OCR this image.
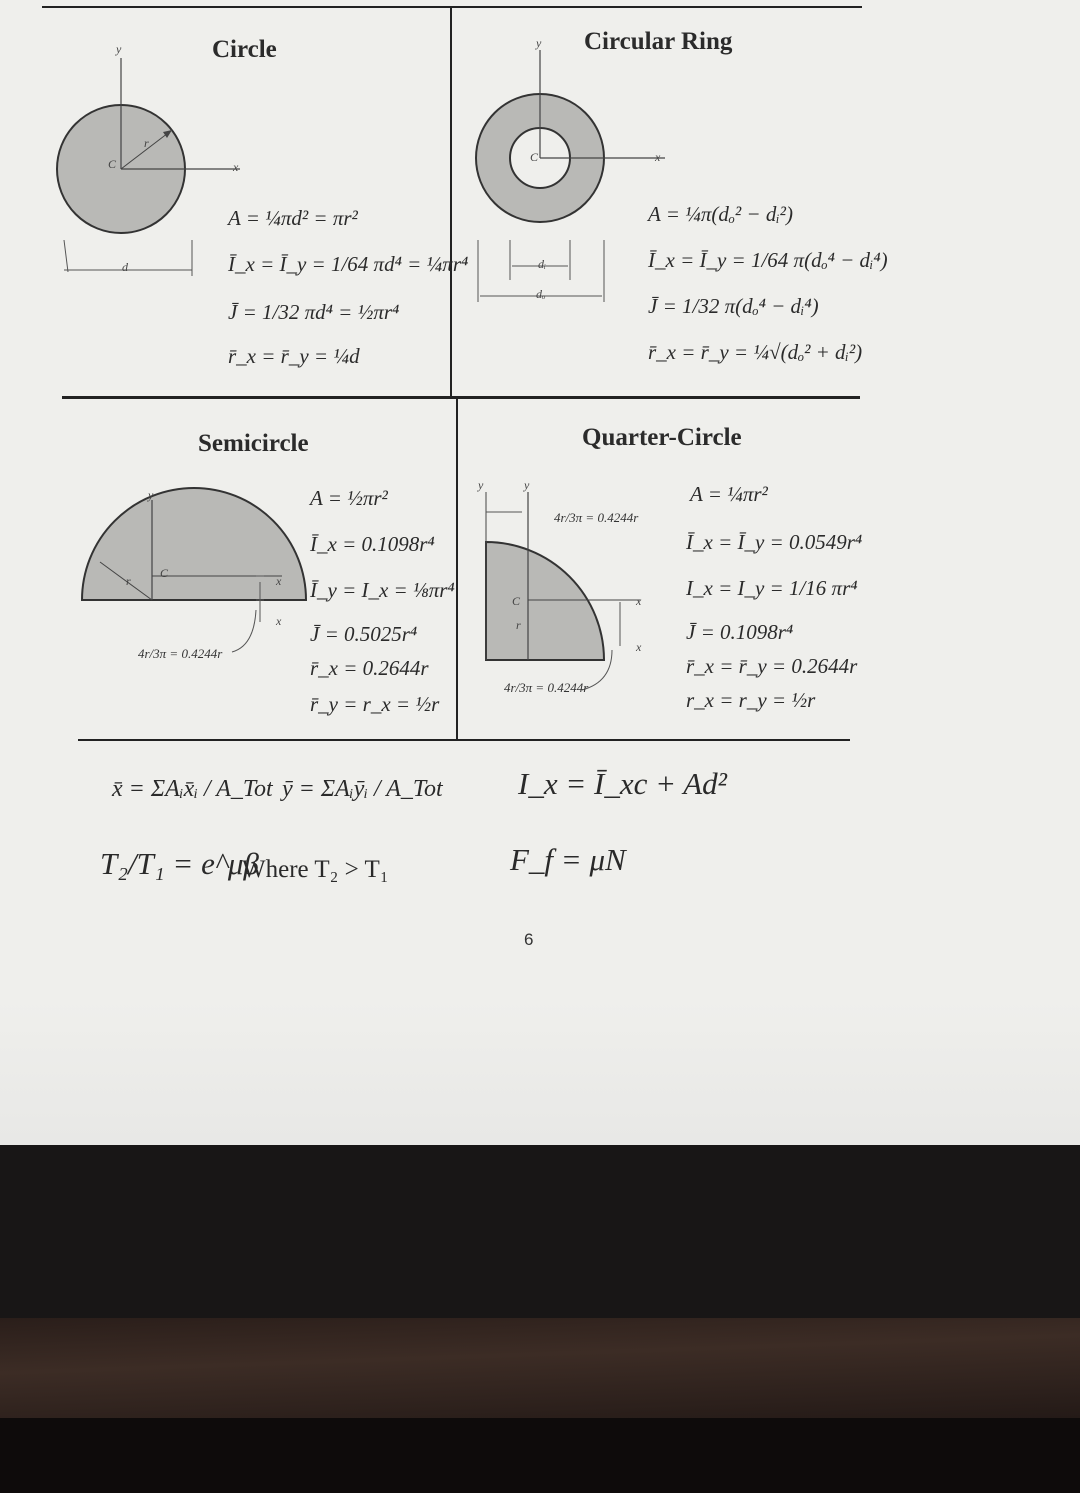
Circle
y
x
C
r
d
A = ¼πd² = πr²
Ī_x = Ī_y = 1/64 πd⁴ = ¼πr⁴
J̄ = 1/32 πd⁴ = ½πr⁴
r̄_x = r̄_y = ¼d
Circular Ring
y
x
C
dᵢ
dₒ
A = ¼π(dₒ² − dᵢ²)
Ī_x = Ī_y = 1/64 π(dₒ⁴ − dᵢ⁴)
J̄ = 1/32 π(dₒ⁴ − dᵢ⁴)
r̄_x = r̄_y = ¼√(dₒ² + dᵢ²)
Semicircle
y
x
x
C
r
4r/3π = 0.4244r
A = ½πr²
Ī_x = 0.1098r⁴
Ī_y = I_x = ⅛πr⁴
J̄ = 0.5025r⁴
r̄_x = 0.2644r
r̄_y = r_x = ½r
Quarter-Circle
y	y
x
x
C
r
4r/3π = 0.4244r
4r/3π = 0.4244r
A = ¼πr²
Ī_x = Ī_y = 0.0549r⁴
I_x = I_y = 1/16 πr⁴
J̄ = 0.1098r⁴
r̄_x = r̄_y = 0.2644r
r_x = r_y = ½r
x̄ = ΣAᵢx̄ᵢ / A_Tot ȳ = ΣAᵢȳᵢ / A_Tot I_x = Ī_xc + Ad²
T₂/T₁ = e^μβ
Where T₂ > T₁	F_f = μN
6
